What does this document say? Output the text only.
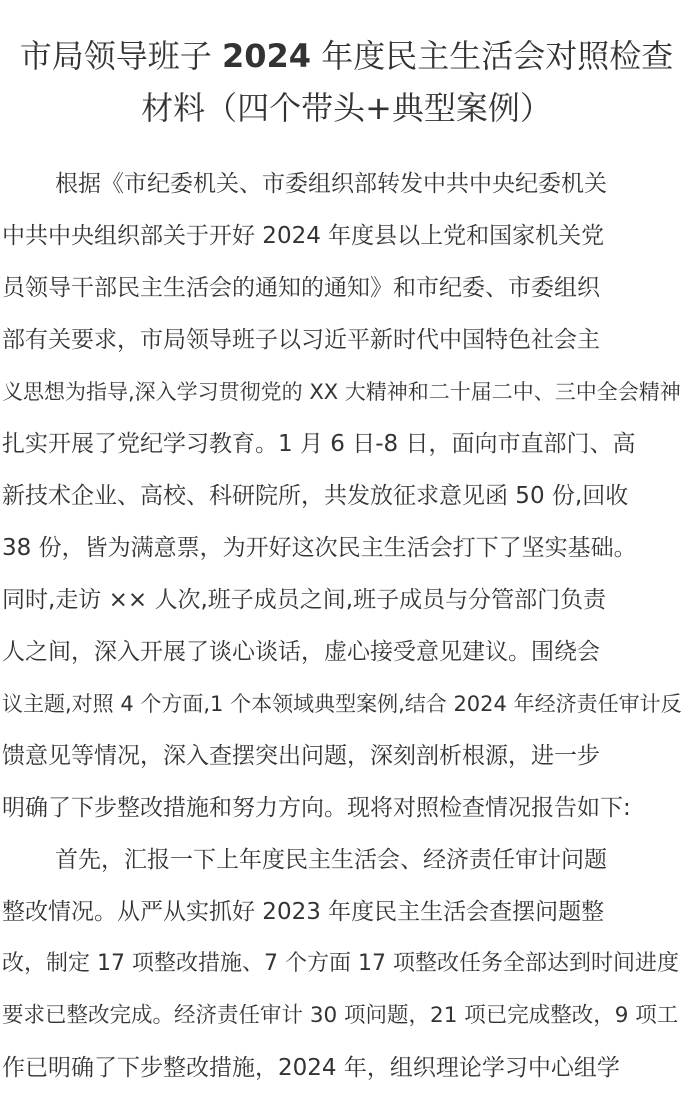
市局领导班子 2024 年度民主生活会对照检查材料（四个带头+典型案例）
根据《市纪委机关、市委组织部转发中共中央纪委机关
中共中央组织部关于开好 2024 年度县以上党和国家机关党
员领导干部民主生活会的通知的通知》和市纪委、市委组织
部有关要求，市局领导班子以习近平新时代中国特色社会主
义思想为指导,深入学习贯彻党的 XX 大精神和二十届二中、三中全会精神
扎实开展了党纪学习教育。1 月 6 日-8 日，面向市直部门、高
新技术企业、高校、科研院所，共发放征求意见函 50 份,回收
38 份，皆为满意票，为开好这次民主生活会打下了坚实基础。
同时,走访 ×× 人次,班子成员之间,班子成员与分管部门负责
人之间，深入开展了谈心谈话，虚心接受意见建议。围绕会
议主题,对照 4 个方面,1 个本领域典型案例,结合 2024 年经济责任审计反
馈意见等情况，深入查摆突出问题，深刻剖析根源，进一步
明确了下步整改措施和努力方向。现将对照检查情况报告如下:
首先，汇报一下上年度民主生活会、经济责任审计问题
整改情况。从严从实抓好 2023 年度民主生活会查摆问题整
改，制定 17 项整改措施、7 个方面 17 项整改任务全部达到时间进度
要求已整改完成。经济责任审计 30 项问题，21 项已完成整改，9 项工
作已明确了下步整改措施，2024 年，组织理论学习中心组学
